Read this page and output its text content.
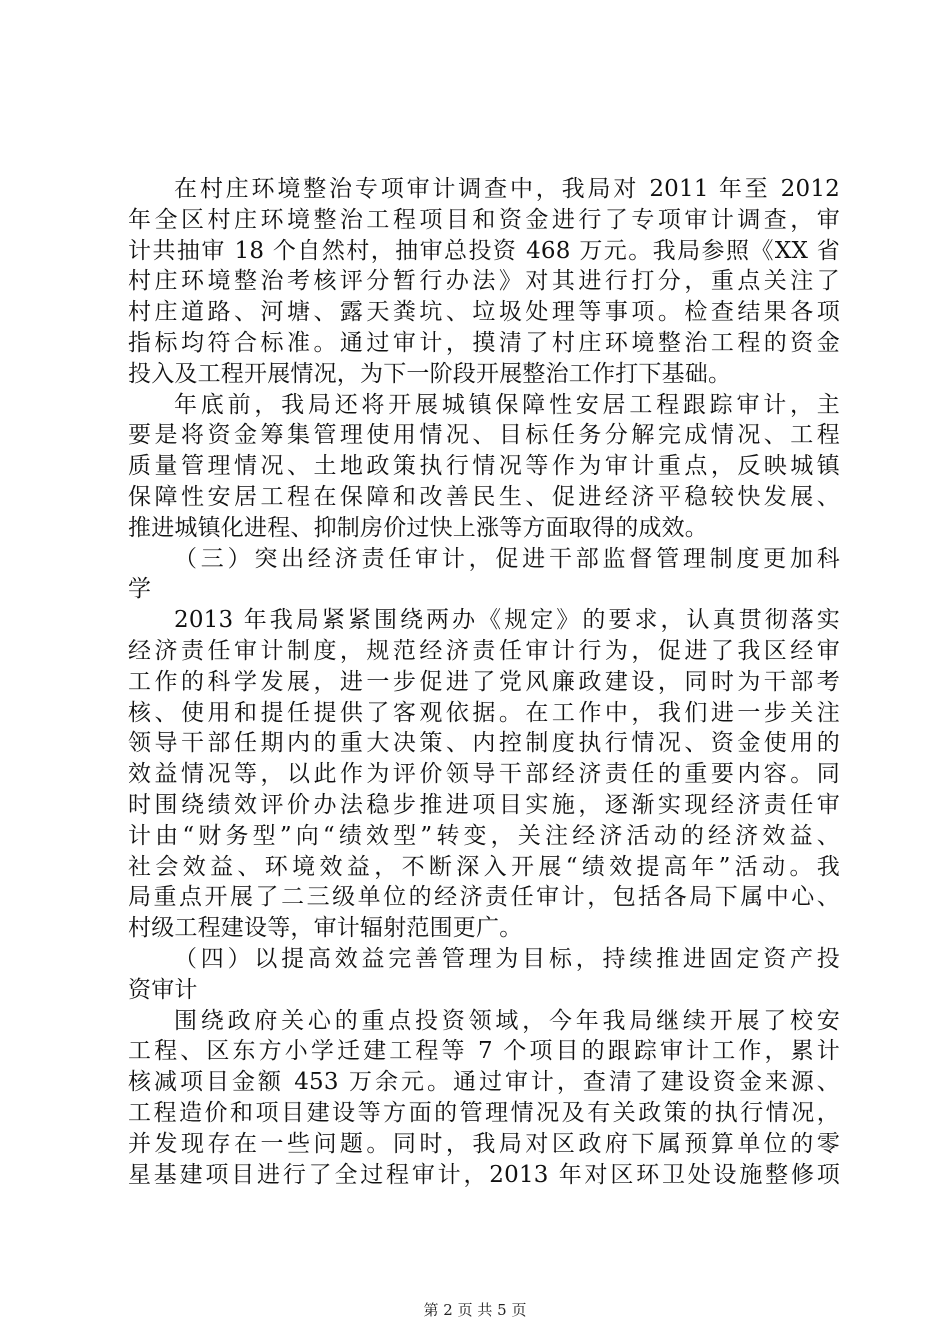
在村庄环境整治专项审计调查中，我局对 2011 年至 2012
年全区村庄环境整治工程项目和资金进行了专项审计调查，审
计共抽审 18 个自然村，抽审总投资 468 万元。我局参照《XX 省
村庄环境整治考核评分暂行办法》对其进行打分，重点关注了
村庄道路、河塘、露天粪坑、垃圾处理等事项。检查结果各项
指标均符合标准。通过审计，摸清了村庄环境整治工程的资金
投入及工程开展情况，为下一阶段开展整治工作打下基础。
年底前，我局还将开展城镇保障性安居工程跟踪审计，主
要是将资金筹集管理使用情况、目标任务分解完成情况、工程
质量管理情况、土地政策执行情况等作为审计重点，反映城镇
保障性安居工程在保障和改善民生、促进经济平稳较快发展、
推进城镇化进程、抑制房价过快上涨等方面取得的成效。
（三）突出经济责任审计，促进干部监督管理制度更加科
学
2013 年我局紧紧围绕两办《规定》的要求，认真贯彻落实
经济责任审计制度，规范经济责任审计行为，促进了我区经审
工作的科学发展，进一步促进了党风廉政建设，同时为干部考
核、使用和提任提供了客观依据。在工作中，我们进一步关注
领导干部任期内的重大决策、内控制度执行情况、资金使用的
效益情况等，以此作为评价领导干部经济责任的重要内容。同
时围绕绩效评价办法稳步推进项目实施，逐渐实现经济责任审
计由“财务型”向“绩效型”转变，关注经济活动的经济效益、
社会效益、环境效益，不断深入开展“绩效提高年”活动。我
局重点开展了二三级单位的经济责任审计，包括各局下属中心、
村级工程建设等，审计辐射范围更广。
（四）以提高效益完善管理为目标，持续推进固定资产投
资审计
围绕政府关心的重点投资领域，今年我局继续开展了校安
工程、区东方小学迁建工程等 7 个项目的跟踪审计工作，累计
核减项目金额 453 万余元。通过审计，查清了建设资金来源、
工程造价和项目建设等方面的管理情况及有关政策的执行情况，
并发现存在一些问题。同时，我局对区政府下属预算单位的零
星基建项目进行了全过程审计，2013 年对区环卫处设施整修项
第 2 页 共 5 页
